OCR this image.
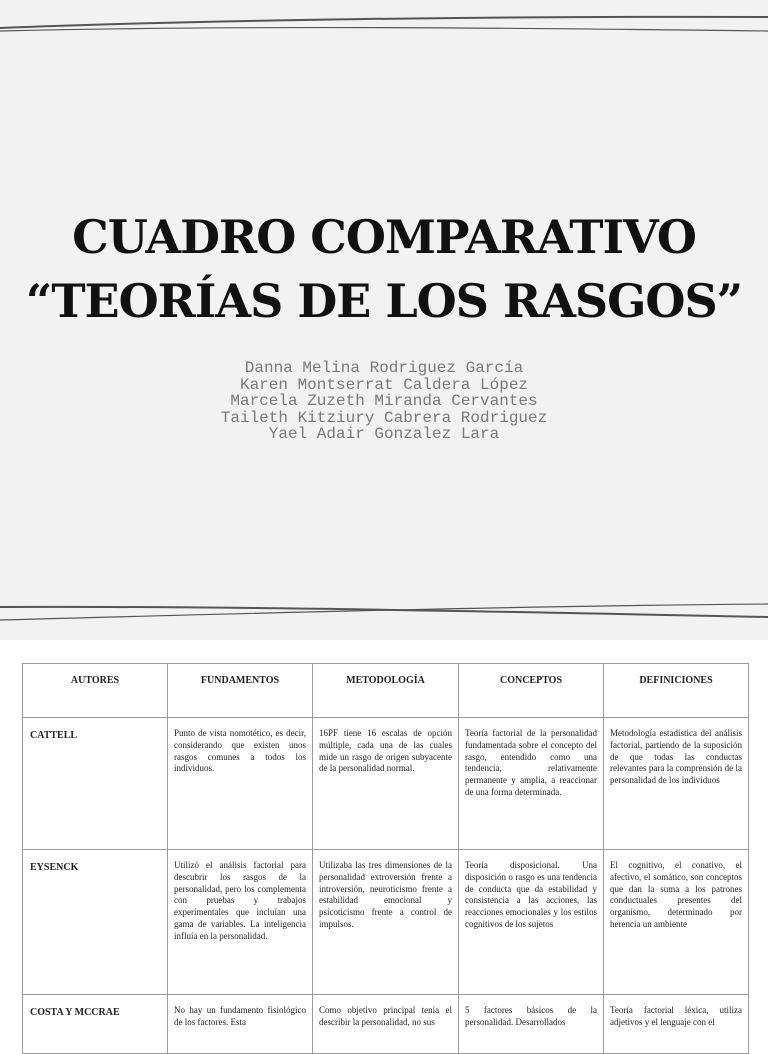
CUADRO COMPARATIVO
“TEORÍAS DE LOS RASGOS”
Danna Melina Rodriguez García
Karen Montserrat Caldera López
Marcela Zuzeth Miranda Cervantes
Taileth Kitziury Cabrera Rodriguez
Yael Adair Gonzalez Lara
AUTORES	FUNDAMENTOS	METODOLOGÍA	CONCEPTOS	DEFINICIONES
CATTELL	Punto de vista nomotético, es decir, considerando que existen unos rasgos comunes a todos los individuos.	16PF tiene 16 escalas de opción múltiple, cada una de las cuales mide un rasgo de origen subyacente de la personalidad normal.	Teoría factorial de la personalidad fundamentada sobre el concepto del rasgo, entendido como una tendencia, relativamente permanente y amplia, a reaccionar de una forma determinada.	Metodología estadística del análisis factorial, partiendo de la suposición de que todas las conductas relevantes para la comprensión de la personalidad de los individuos
EYSENCK	Utilizó el análisis factorial para descubrir los rasgos de la personalidad, pero los complementa con pruebas y trabajos experimentales que incluían una gama de variables. La inteligencia influía en la personalidad.	Utilizaba las tres dimensiones de la personalidad extroversión frente a introversión, neuroticismo frente a estabilidad emocional y psicoticismo frente a control de impulsos.	Teoría disposicional. Una disposición o rasgo es una tendencia de conducta que da estabilidad y consistencia a las acciones, las reacciones emocionales y los estilos cognitivos de los sujetos	El cognitivo, el conativo, el afectivo, el somático, son conceptos que dan la suma a los patrones conductuales presentes del organismo, determinado por herencia un ambiente
COSTA Y MCCRAE	No hay un fundamento fisiológico de los factores. Esta	Como objetivo principal tenía el describir la personalidad, no sus	5 factores básicos de la personalidad. Desarrollados	Teoría factorial léxica, utiliza adjetivos y el lenguaje con el
